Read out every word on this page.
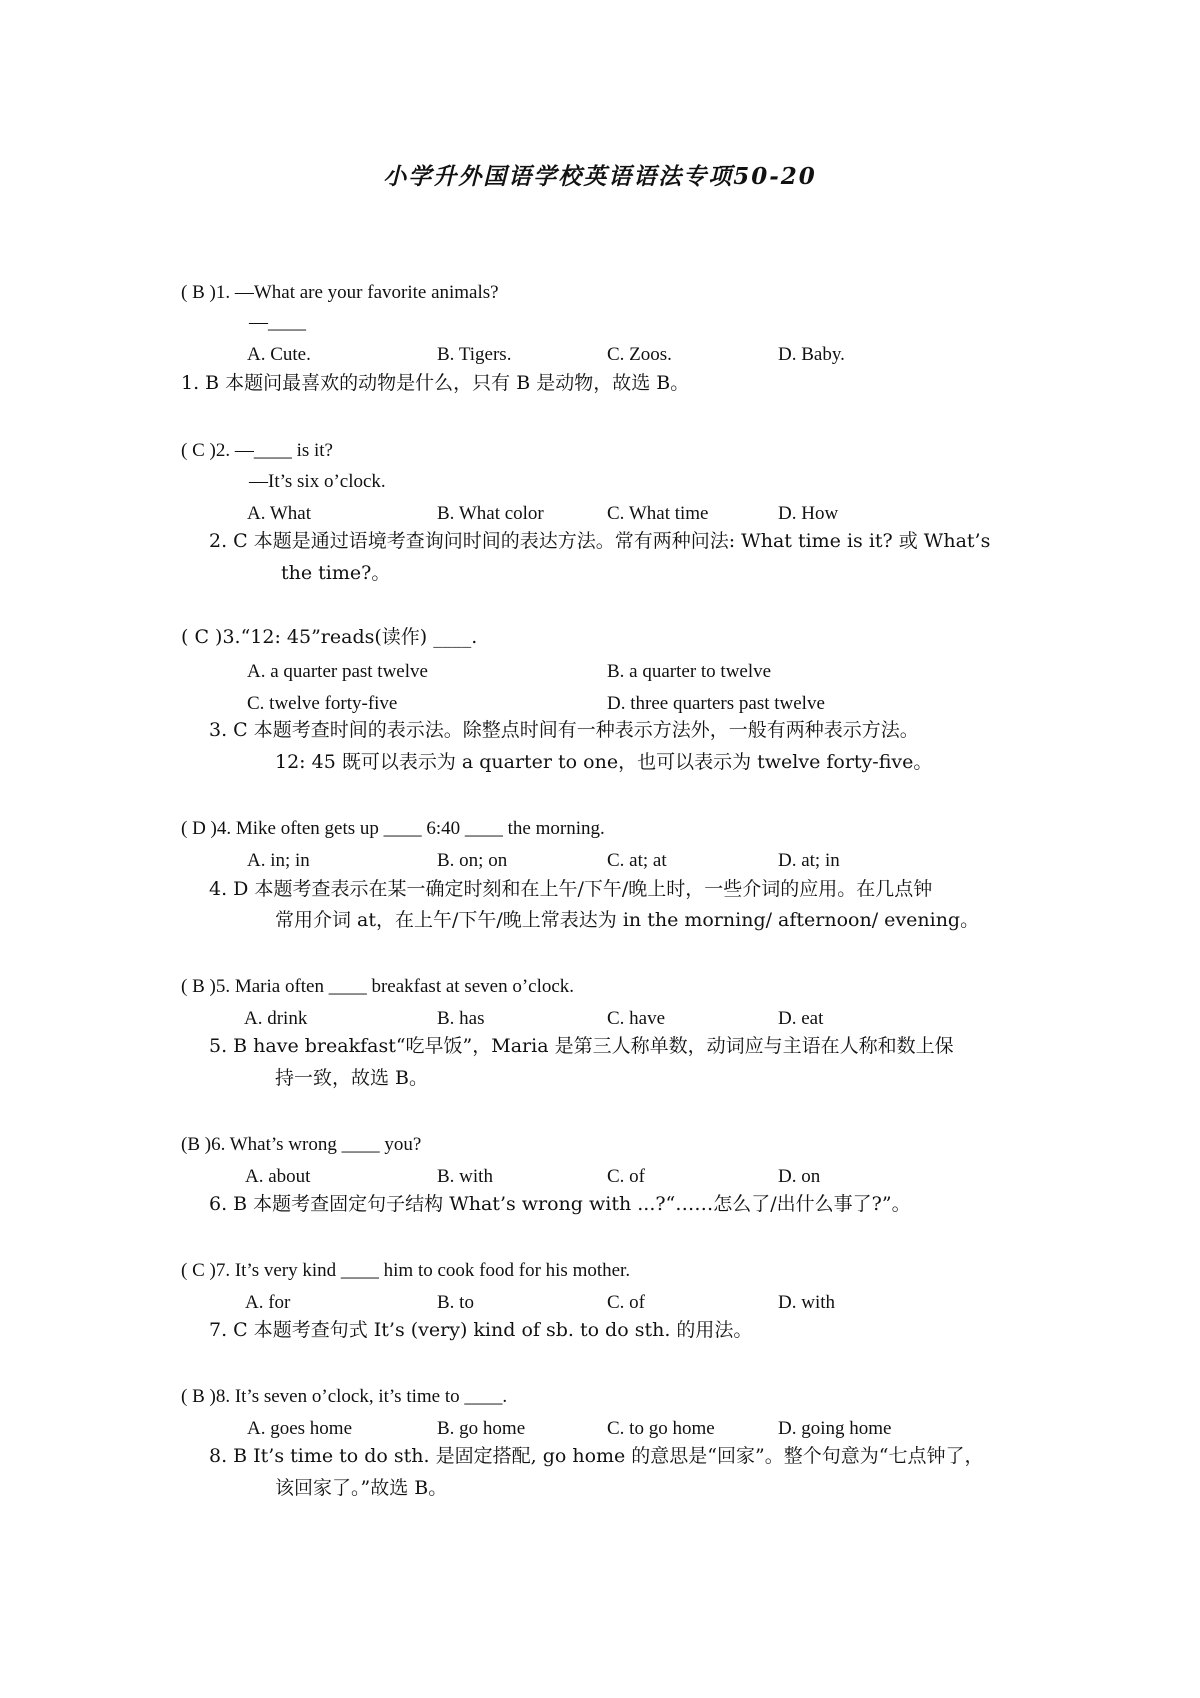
小学升外国语学校英语语法专项50-20
( B )1. —What are your favorite animals?
—____
A. Cute.	B. Tigers.	C. Zoos.	D. Baby.
1. B 本题问最喜欢的动物是什么，只有 B 是动物，故选 B。
( C )2. —____ is it?
—It’s six o’clock.
A. What	B. What color	C. What time	D. How
2. C 本题是通过语境考查询问时间的表达方法。常有两种问法: What time is it? 或 What’s
the time?。
( C )3.“12: 45”reads(读作) ____.
A. a quarter past twelve	B. a quarter to twelve
C. twelve forty-five	D. three quarters past twelve
3. C 本题考查时间的表示法。除整点时间有一种表示方法外，一般有两种表示方法。
12: 45 既可以表示为 a quarter to one，也可以表示为 twelve forty-five。
( D )4. Mike often gets up ____ 6:40 ____ the morning.
A. in; in	B. on; on	C. at; at	D. at; in
4. D 本题考查表示在某一确定时刻和在上午/下午/晚上时，一些介词的应用。在几点钟
常用介词 at，在上午/下午/晚上常表达为 in the morning/ afternoon/ evening。
( B )5. Maria often ____ breakfast at seven o’clock.
A. drink	B. has	C. have	D. eat
5. B have breakfast“吃早饭”，Maria 是第三人称单数，动词应与主语在人称和数上保
持一致，故选 B。
(B )6. What’s wrong ____ you?
A. about	B. with	C. of	D. on
6. B 本题考查固定句子结构 What’s wrong with ...?“……怎么了/出什么事了?”。
( C )7. It’s very kind ____ him to cook food for his mother.
A. for	B. to	C. of	D. with
7. C 本题考查句式 It’s (very) kind of sb. to do sth. 的用法。
( B )8. It’s seven o’clock, it’s time to ____.
A. goes home	B. go home	C. to go home	D. going home
8. B It’s time to do sth. 是固定搭配, go home 的意思是“回家”。整个句意为“七点钟了，
该回家了。”故选 B。
